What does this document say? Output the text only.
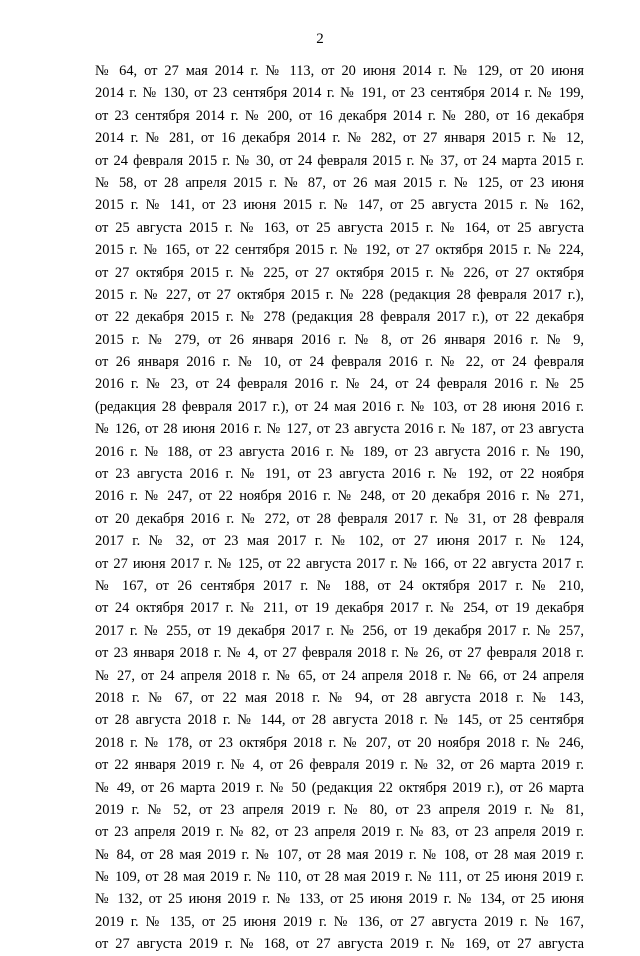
2
№ 64, от 27 мая 2014 г. № 113, от 20 июня 2014 г. № 129, от 20 июня
2014 г. № 130, от 23 сентября 2014 г. № 191, от 23 сентября 2014 г. № 199,
от 23 сентября 2014 г. № 200, от 16 декабря 2014 г. № 280, от 16 декабря
2014 г. № 281, от 16 декабря 2014 г. № 282, от 27 января 2015 г. № 12,
от 24 февраля 2015 г. № 30, от 24 февраля 2015 г. № 37, от 24 марта 2015 г.
№ 58, от 28 апреля 2015 г. № 87, от 26 мая 2015 г. № 125, от 23 июня
2015 г. № 141, от 23 июня 2015 г. № 147, от 25 августа 2015 г. № 162,
от 25 августа 2015 г. № 163, от 25 августа 2015 г. № 164, от 25 августа
2015 г. № 165, от 22 сентября 2015 г. № 192, от 27 октября 2015 г. № 224,
от 27 октября 2015 г. № 225, от 27 октября 2015 г. № 226, от 27 октября
2015 г. № 227, от 27 октября 2015 г. № 228 (редакция 28 февраля 2017 г.),
от 22 декабря 2015 г. № 278 (редакция 28 февраля 2017 г.), от 22 декабря
2015 г. № 279, от 26 января 2016 г. № 8, от 26 января 2016 г. № 9,
от 26 января 2016 г. № 10, от 24 февраля 2016 г. № 22, от 24 февраля
2016 г. № 23, от 24 февраля 2016 г. № 24, от 24 февраля 2016 г. № 25
(редакция 28 февраля 2017 г.), от 24 мая 2016 г. № 103, от 28 июня 2016 г.
№ 126, от 28 июня 2016 г. № 127, от 23 августа 2016 г. № 187, от 23 августа
2016 г. № 188, от 23 августа 2016 г. № 189, от 23 августа 2016 г. № 190,
от 23 августа 2016 г. № 191, от 23 августа 2016 г. № 192, от 22 ноября
2016 г. № 247, от 22 ноября 2016 г. № 248, от 20 декабря 2016 г. № 271,
от 20 декабря 2016 г. № 272, от 28 февраля 2017 г. № 31, от 28 февраля
2017 г. № 32, от 23 мая 2017 г. № 102, от 27 июня 2017 г. № 124,
от 27 июня 2017 г. № 125, от 22 августа 2017 г. № 166, от 22 августа 2017 г.
№ 167, от 26 сентября 2017 г. № 188, от 24 октября 2017 г. № 210,
от 24 октября 2017 г. № 211, от 19 декабря 2017 г. № 254, от 19 декабря
2017 г. № 255, от 19 декабря 2017 г. № 256, от 19 декабря 2017 г. № 257,
от 23 января 2018 г. № 4, от 27 февраля 2018 г. № 26, от 27 февраля 2018 г.
№ 27, от 24 апреля 2018 г. № 65, от 24 апреля 2018 г. № 66, от 24 апреля
2018 г. № 67, от 22 мая 2018 г. № 94, от 28 августа 2018 г. № 143,
от 28 августа 2018 г. № 144, от 28 августа 2018 г. № 145, от 25 сентября
2018 г. № 178, от 23 октября 2018 г. № 207, от 20 ноября 2018 г. № 246,
от 22 января 2019 г. № 4, от 26 февраля 2019 г. № 32, от 26 марта 2019 г.
№ 49, от 26 марта 2019 г. № 50 (редакция 22 октября 2019 г.), от 26 марта
2019 г. № 52, от 23 апреля 2019 г. № 80, от 23 апреля 2019 г. № 81,
от 23 апреля 2019 г. № 82, от 23 апреля 2019 г. № 83, от 23 апреля 2019 г.
№ 84, от 28 мая 2019 г. № 107, от 28 мая 2019 г. № 108, от 28 мая 2019 г.
№ 109, от 28 мая 2019 г. № 110, от 28 мая 2019 г. № 111, от 25 июня 2019 г.
№ 132, от 25 июня 2019 г. № 133, от 25 июня 2019 г. № 134, от 25 июня
2019 г. № 135, от 25 июня 2019 г. № 136, от 27 августа 2019 г. № 167,
от 27 августа 2019 г. № 168, от 27 августа 2019 г. № 169, от 27 августа
